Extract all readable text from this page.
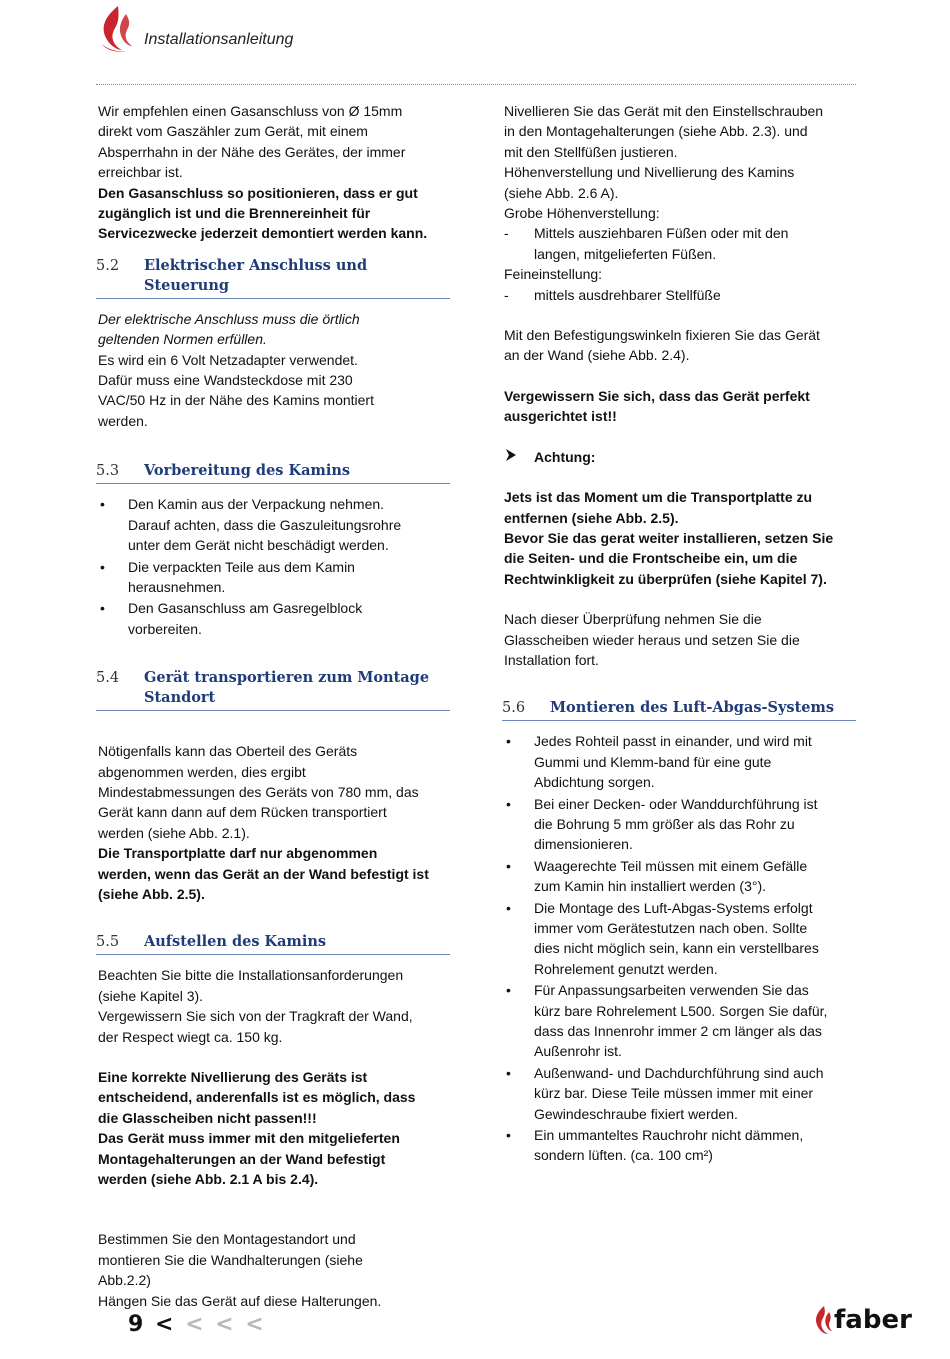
Installationsanleitung

Wir empfehlen einen Gasanschluss von Ø 15mm

direkt vom Gaszähler zum Gerät, mit einem

Absperrhahn in der Nähe des Gerätes, der immer

erreichbar ist.

Den Gasanschluss so positionieren, dass er gut

zugänglich ist und die Brennereinheit für

Servicezwecke jederzeit demontiert werden kann.

5.2	Elektrischer Anschluss und Steuerung

Der elektrische Anschluss muss die örtlich

geltenden Normen erfüllen.

Es wird ein 6 Volt Netzadapter verwendet.

Dafür muss eine Wandsteckdose mit 230

VAC/50 Hz in der Nähe des Kamins montiert

werden.

5.3	Vorbereitung des Kamins

• Den Kamin aus der Verpackung nehmen.

Darauf achten, dass die Gaszuleitungsrohre

unter dem Gerät nicht beschädigt werden.

• Die verpackten Teile aus dem Kamin

herausnehmen.

• Den Gasanschluss am Gasregelblock

vorbereiten.

5.4	Gerät transportieren zum Montage
Standort

Nötigenfalls kann das Oberteil des Geräts

abgenommen werden, dies ergibt

Mindestabmessungen des Geräts von 780 mm, das

Gerät kann dann auf dem Rücken transportiert

werden (siehe Abb. 2.1).

Die Transportplatte darf nur abgenommen

werden, wenn das Gerät an der Wand befestigt ist

(siehe Abb. 2.5).

5.5	Aufstellen des Kamins

Beachten Sie bitte die Installationsanforderungen

(siehe Kapitel 3).

Vergewissern Sie sich von der Tragkraft der Wand,

der Respect wiegt ca. 150 kg.

Eine korrekte Nivellierung des Geräts ist

entscheidend, anderenfalls ist es möglich, dass

die Glasscheiben nicht passen!!!

Das Gerät muss immer mit den mitgelieferten

Montagehalterungen an der Wand befestigt

werden (siehe Abb. 2.1 A bis 2.4).

Bestimmen Sie den Montagestandort und

montieren Sie die Wandhalterungen (siehe

Abb.2.2)

Hängen Sie das Gerät auf diese Halterungen.

Nivellieren Sie das Gerät mit den Einstellschrauben

in den Montagehalterungen (siehe Abb. 2.3). und

mit den Stellfüßen justieren.

Höhenverstellung und Nivellierung des Kamins

(siehe Abb. 2.6 A).

Grobe Höhenverstellung:

-	Mittels ausziehbaren Füßen oder mit den

langen, mitgelieferten Füßen.

Feineinstellung:

-	mittels ausdrehbarer Stellfüße

Mit den Befestigungswinkeln fixieren Sie das Gerät

an der Wand (siehe Abb. 2.4).

Vergewissern Sie sich, dass das Gerät perfekt

ausgerichtet ist!!

Achtung:

Jets ist das Moment um die Transportplatte zu

entfernen (siehe Abb. 2.5).

Bevor Sie das gerat weiter installieren, setzen Sie

die Seiten- und die Frontscheibe ein, um die

Rechtwinkligkeit zu überprüfen (siehe Kapitel 7).

Nach dieser Überprüfung nehmen Sie die

Glasscheiben wieder heraus und setzen Sie die

Installation fort.

5.6	Montieren des Luft-Abgas-Systems

• Jedes Rohteil passt in einander, und wird mit

Gummi und Klemm-band für eine gute

Abdichtung sorgen.

• Bei einer Decken- oder Wanddurchführung ist

die Bohrung 5 mm größer als das Rohr zu

dimensionieren.

• Waagerechte Teil müssen mit einem Gefälle

zum Kamin hin installiert werden (3°).

• Die Montage des Luft-Abgas-Systems erfolgt

immer vom Gerätestutzen nach oben. Sollte

dies nicht möglich sein, kann ein verstellbares

Rohrelement genutzt werden.

• Für Anpassungsarbeiten verwenden Sie das

kürz bare Rohrelement L500. Sorgen Sie dafür,

dass das Innenrohr immer 2 cm länger als das

Außenrohr ist.

• Außenwand- und Dachdurchführung sind auch

kürz bar. Diese Teile müssen immer mit einer

Gewindeschraube fixiert werden.

• Ein ummanteltes Rauchrohr nicht dämmen,

sondern lüften. (ca. 100 cm²)

9 < < < <	faber
